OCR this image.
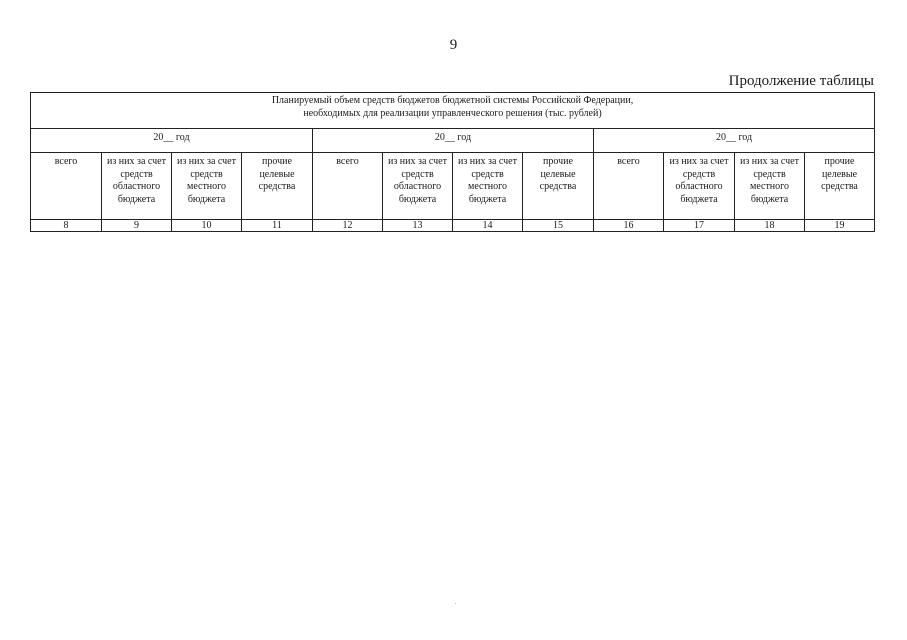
9
Продолжение таблицы
Планируемый объем средств бюджетов бюджетной системы Российской Федерации,
необходимых для реализации управленческого решения (тыс. рублей)											
20__ год				20__ год				20__ год			
всего	из них за счет средств областного бюджета	из них за счет средств местного бюджета	прочие целевые средства	всего	из них за счет средств областного бюджета	из них за счет средств местного бюджета	прочие целевые средства	всего	из них за счет средств областного бюджета	из них за счет средств местного бюджета	прочие целевые средства
8	9	10	11	12	13	14	15	16	17	18	19
